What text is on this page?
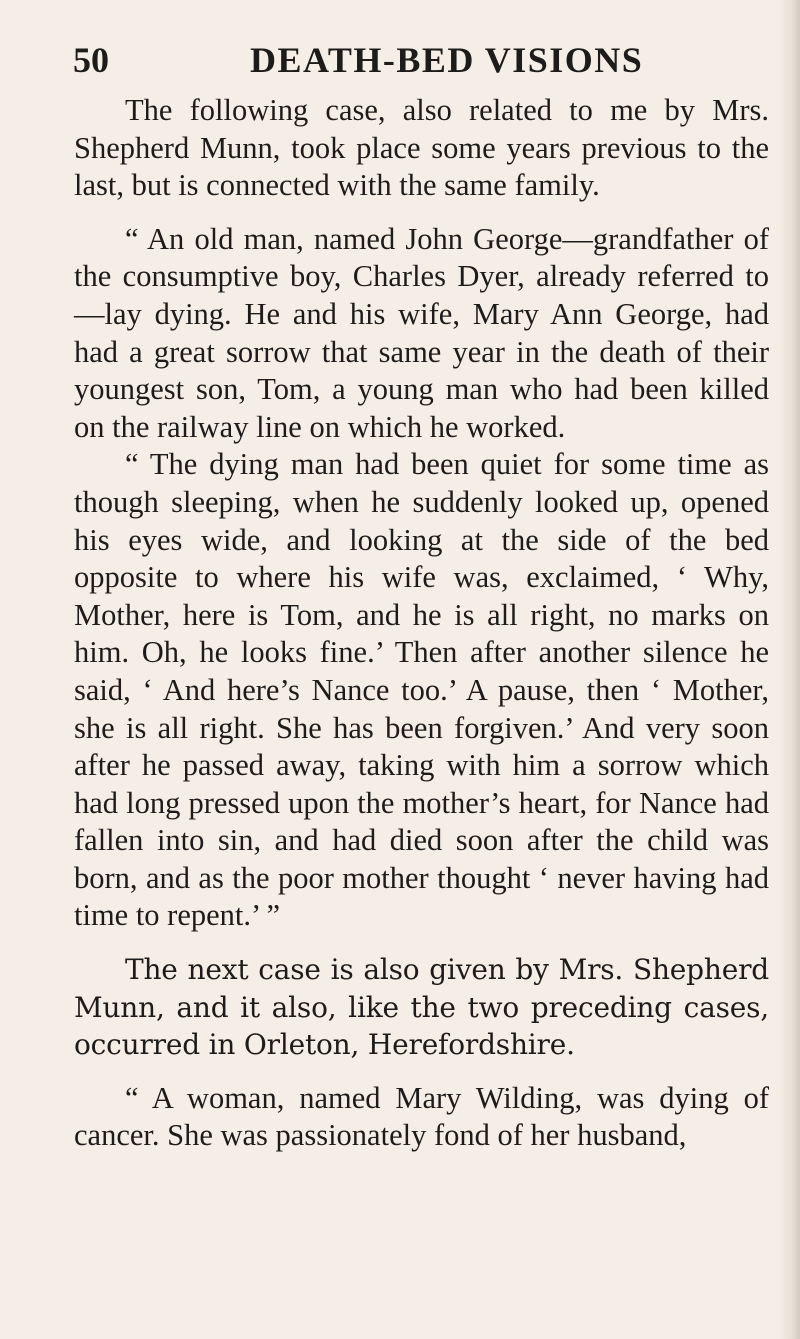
50	DEATH-BED VISIONS

The following case, also related to me by Mrs. Shepherd Munn, took place some years previous to the last, but is connected with the same family.

“ An old man, named John George—grandfather of the consumptive boy, Charles Dyer, already referred to—lay dying. He and his wife, Mary Ann George, had had a great sorrow that same year in the death of their youngest son, Tom, a young man who had been killed on the railway line on which he worked.

“ The dying man had been quiet for some time as though sleeping, when he suddenly looked up, opened his eyes wide, and looking at the side of the bed opposite to where his wife was, exclaimed, ‘ Why, Mother, here is Tom, and he is all right, no marks on him. Oh, he looks fine.’ Then after another silence he said, ‘ And here’s Nance too.’ A pause, then ‘ Mother, she is all right. She has been forgiven.’ And very soon after he passed away, taking with him a sorrow which had long pressed upon the mother’s heart, for Nance had fallen into sin, and had died soon after the child was born, and as the poor mother thought ‘ never having had time to repent.’ ”

The next case is also given by Mrs. Shepherd Munn, and it also, like the two preceding cases, occurred in Orleton, Herefordshire.

“ A woman, named Mary Wilding, was dying of cancer. She was passionately fond of her husband,
